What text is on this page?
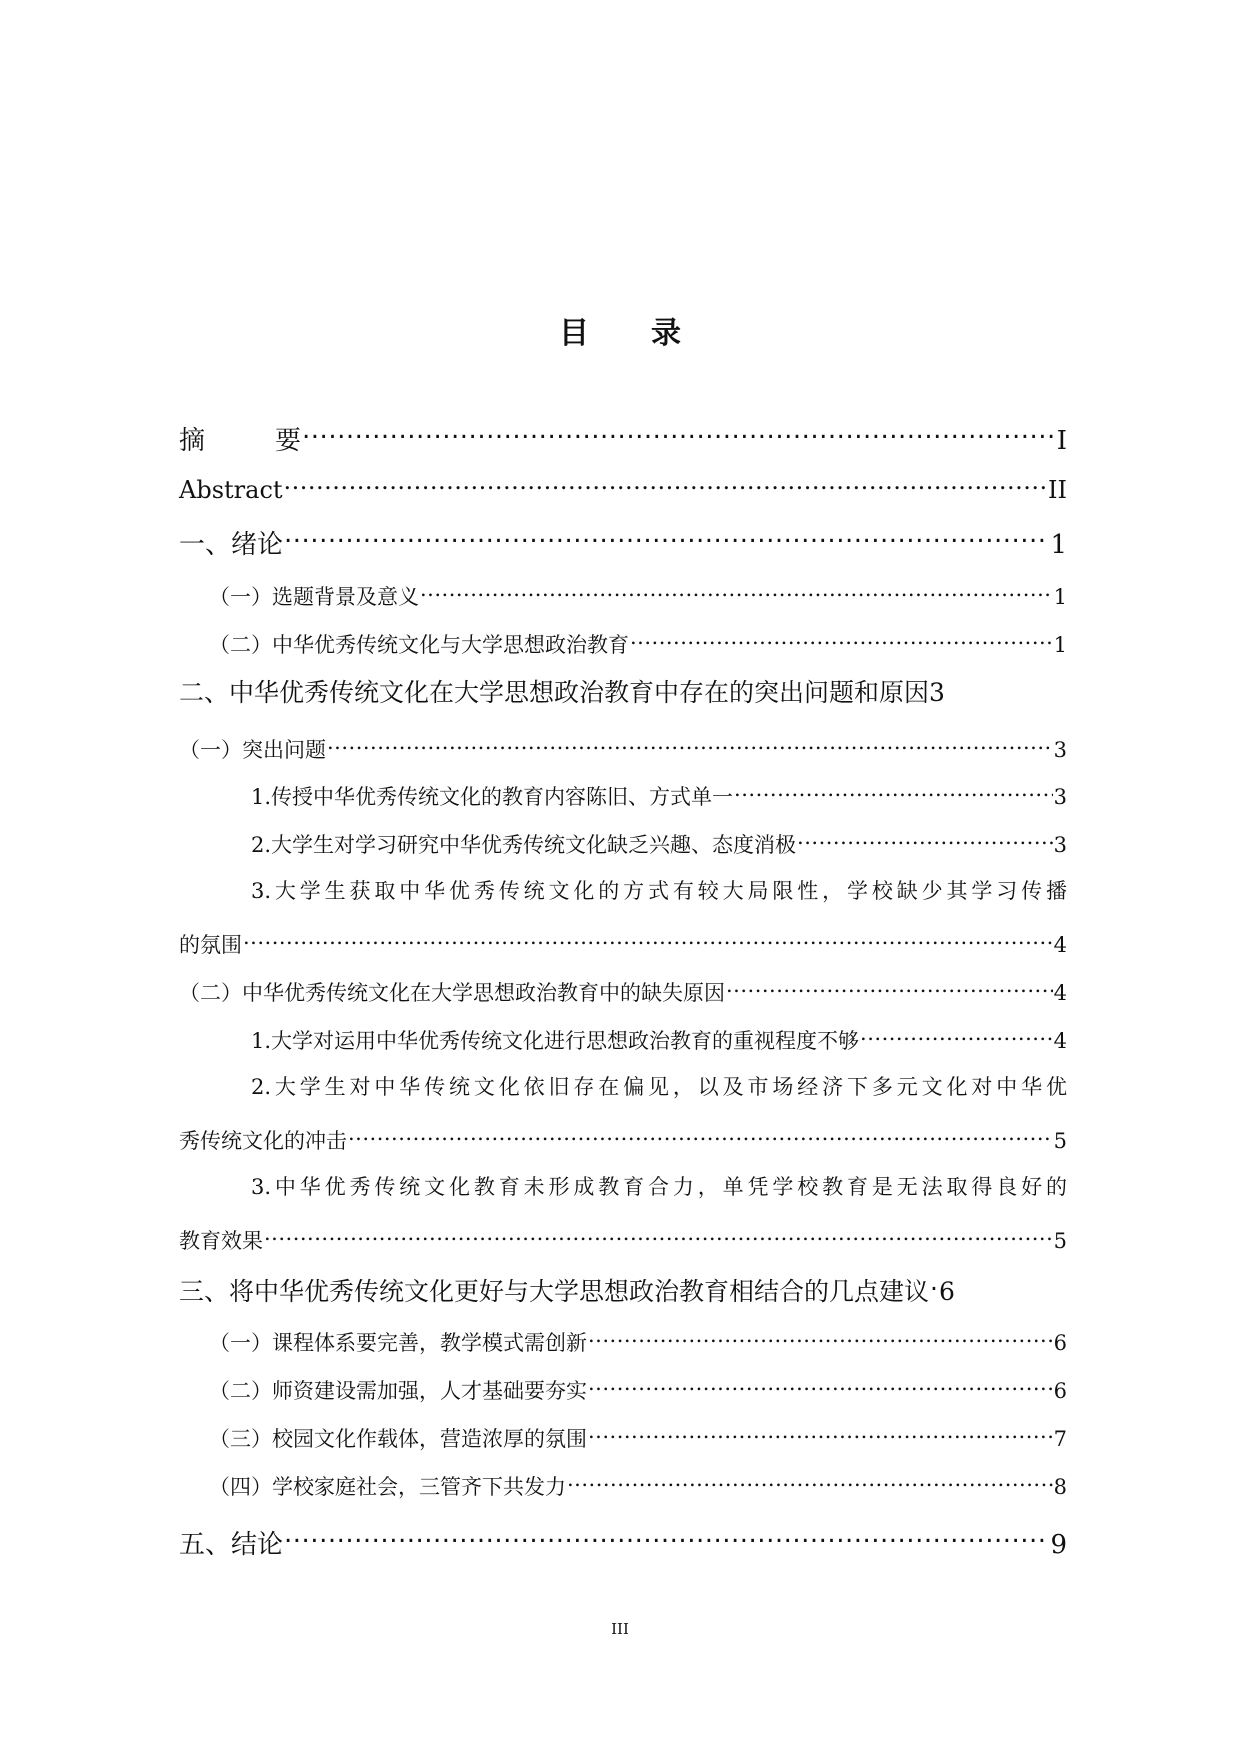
目 录
摘	要 .....	I
Abstract .....	II
一、绪论 .....	1
（一）选题背景及意义 .....	1
（二）中华优秀传统文化与大学思想政治教育 .....	1
二、中华优秀传统文化在大学思想政治教育中存在的突出问题和原因 3
（一）突出问题 .....	3
1.传授中华优秀传统文化的教育内容陈旧、方式单一 .....	3
2.大学生对学习研究中华优秀传统文化缺乏兴趣、态度消极 .....	3
3.大学生获取中华优秀传统文化的方式有较大局限性，学校缺少其学习传播
的氛围 .....	4
（二）中华优秀传统文化在大学思想政治教育中的缺失原因 .....	4
1.大学对运用中华优秀传统文化进行思想政治教育的重视程度不够 .....	4
2.大学生对中华传统文化依旧存在偏见，以及市场经济下多元文化对中华优
秀传统文化的冲击 .....	5
3.中华优秀传统文化教育未形成教育合力，单凭学校教育是无法取得良好的
教育效果 .....	5
三、将中华优秀传统文化更好与大学思想政治教育相结合的几点建议 ..... 6
（一）课程体系要完善，教学模式需创新 .....	6
（二）师资建设需加强，人才基础要夯实 .....	6
（三）校园文化作载体，营造浓厚的氛围 .....	7
（四）学校家庭社会，三管齐下共发力 .....	8
五、结论 .....	9
III
